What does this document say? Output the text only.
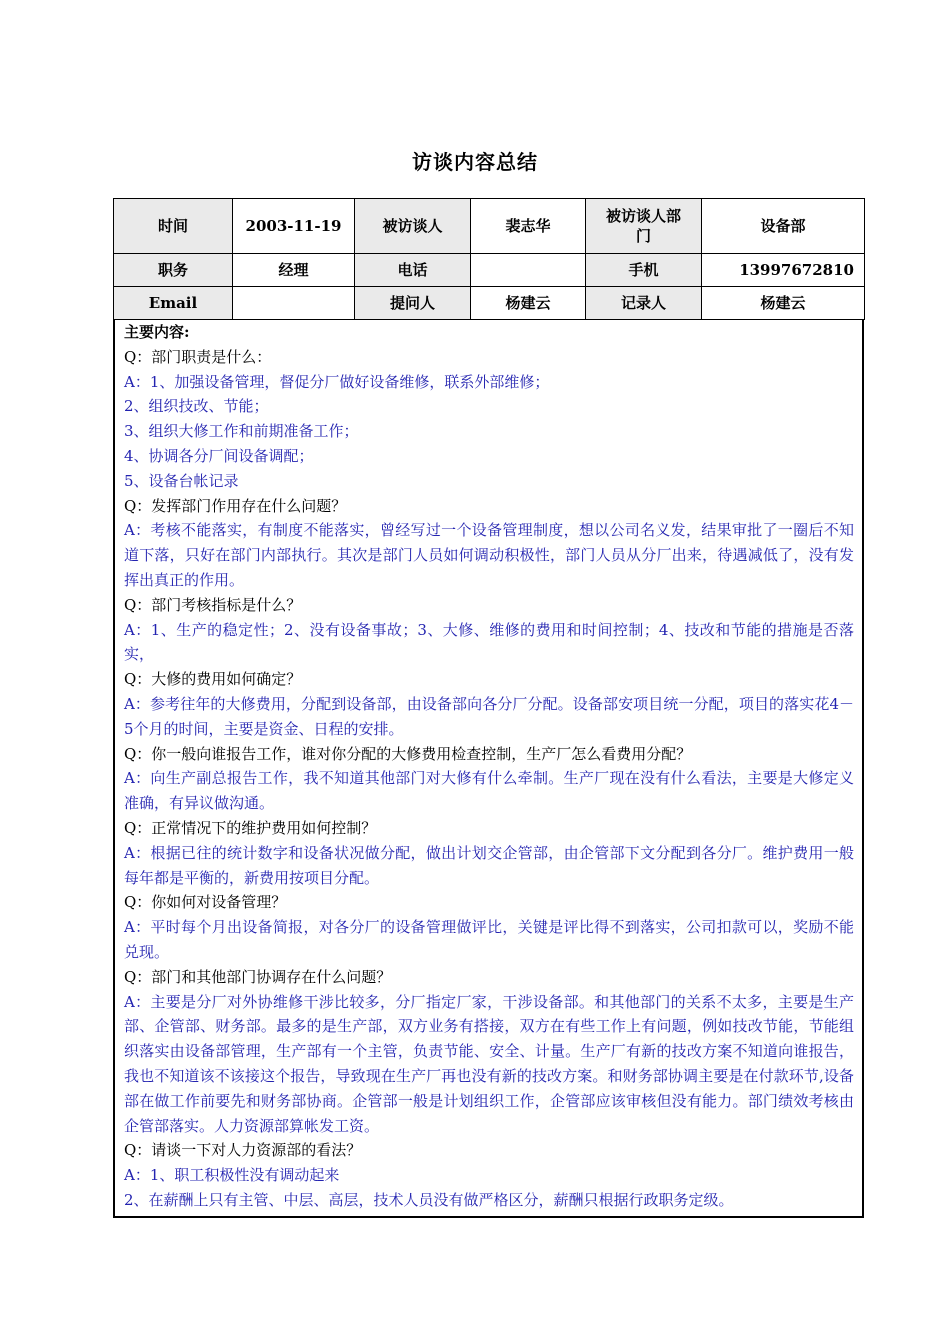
访谈内容总结
时间	2003-11-19	被访谈人	裴志华	被访谈人部门	设备部
职务	经理	电话		手机	13997672810
Email		提问人	杨建云	记录人	杨建云

主要内容:

Q：部门职责是什么：

A：1、加强设备管理，督促分厂做好设备维修，联系外部维修；

2、组织技改、节能；

3、组织大修工作和前期准备工作；

4、协调各分厂间设备调配；

5、设备台帐记录

Q：发挥部门作用存在什么问题？

A：考核不能落实，有制度不能落实，曾经写过一个设备管理制度，想以公司名义发，结果审批了一圈后不知道下落，只好在部门内部执行。其次是部门人员如何调动积极性，部门人员从分厂出来，待遇减低了，没有发挥出真正的作用。

Q：部门考核指标是什么？

A：1、生产的稳定性；2、没有设备事故；3、大修、维修的费用和时间控制；4、技改和节能的措施是否落实，

Q：大修的费用如何确定？

A：参考往年的大修费用，分配到设备部，由设备部向各分厂分配。设备部安项目统一分配，项目的落实花4－5个月的时间，主要是资金、日程的安排。

Q：你一般向谁报告工作，谁对你分配的大修费用检查控制，生产厂怎么看费用分配？

A：向生产副总报告工作，我不知道其他部门对大修有什么牵制。生产厂现在没有什么看法，主要是大修定义准确，有异议做沟通。

Q：正常情况下的维护费用如何控制？

A：根据已往的统计数字和设备状况做分配，做出计划交企管部，由企管部下文分配到各分厂。维护费用一般每年都是平衡的，新费用按项目分配。

Q：你如何对设备管理？

A：平时每个月出设备简报，对各分厂的设备管理做评比，关键是评比得不到落实，公司扣款可以，奖励不能兑现。

Q：部门和其他部门协调存在什么问题？

A：主要是分厂对外协维修干涉比较多，分厂指定厂家，干涉设备部。和其他部门的关系不太多，主要是生产部、企管部、财务部。最多的是生产部，双方业务有搭接，双方在有些工作上有问题，例如技改节能，节能组织落实由设备部管理，生产部有一个主管，负责节能、安全、计量。生产厂有新的技改方案不知道向谁报告，我也不知道该不该接这个报告，导致现在生产厂再也没有新的技改方案。和财务部协调主要是在付款环节,设备部在做工作前要先和财务部协商。企管部一般是计划组织工作，企管部应该审核但没有能力。部门绩效考核由企管部落实。人力资源部算帐发工资。

Q：请谈一下对人力资源部的看法？

A：1、职工积极性没有调动起来

2、在薪酬上只有主管、中层、高层，技术人员没有做严格区分，薪酬只根据行政职务定级。
